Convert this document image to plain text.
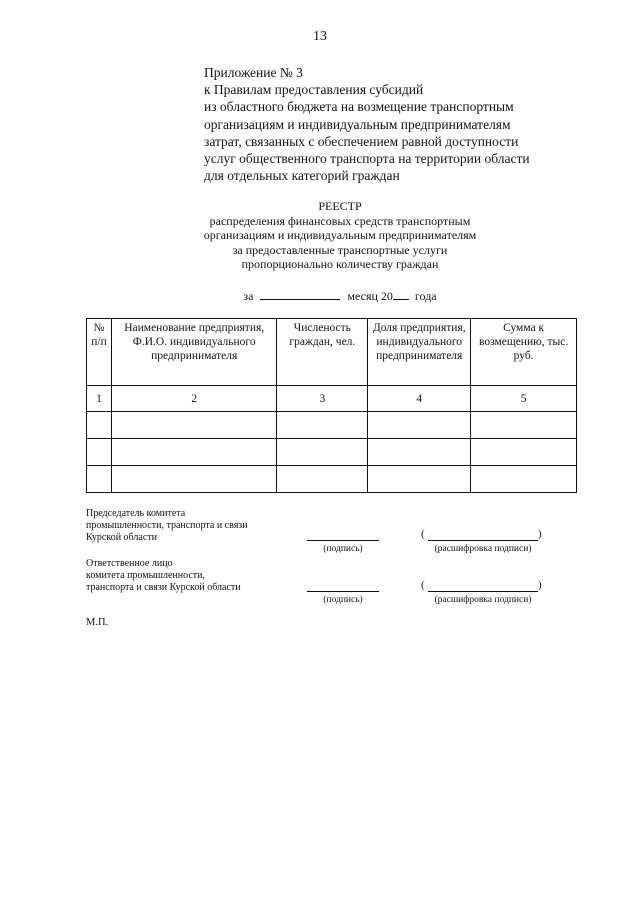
13
Приложение № 3
к Правилам предоставления субсидий
из областного бюджета на возмещение транспортным
организациям и индивидуальным предпринимателям
затрат, связанных с обеспечением равной доступности
услуг общественного транспорта на территории области
для отдельных категорий граждан
РЕЕСТР
распределения финансовых средств транспортным
организациям и индивидуальным предпринимателям
за предоставленные транспортные услуги
пропорционально количеству граждан
за	месяц 20 года
№ п/п	Наименование предприятия, Ф.И.О. индивидуального предпринимателя	Численость граждан, чел.	Доля предприятия, индивидуального предпринимателя	Сумма к возмещению, тыс. руб.
1	2	3	4	5

Председатель комитета
промышленности, транспорта и связи
Курской области
(подпись)
(	)
(расшифровка подписи)
Ответственное лицо
комитета промышленности,
транспорта и связи Курской области
(подпись)
(	)
(расшифровка подписи)
М.П.
